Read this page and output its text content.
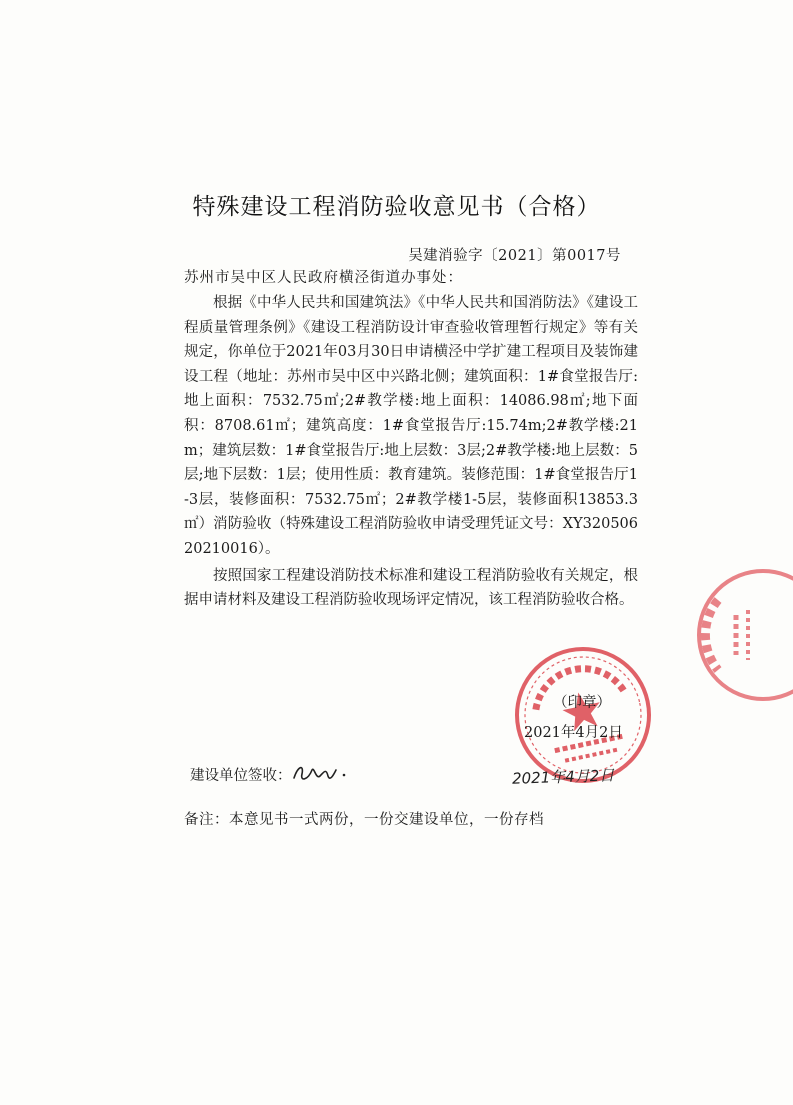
特殊建设工程消防验收意见书（合格）
吴建消验字〔2021〕第0017号
苏州市吴中区人民政府横泾街道办事处：

根据《中华人民共和国建筑法》《中华人民共和国消防法》《建设工程质量管理条例》《建设工程消防设计审查验收管理暂行规定》等有关规定，你单位于2021年03月30日申请横泾中学扩建工程项目及装饰建设工程（地址：苏州市吴中区中兴路北侧；建筑面积：1#食堂报告厅:地上面积：7532.75㎡;2#教学楼:地上面积：14086.98㎡;地下面积：8708.61㎡；建筑高度：1#食堂报告厅:15.74m;2#教学楼:21m；建筑层数：1#食堂报告厅:地上层数：3层;2#教学楼:地上层数：5层;地下层数：1层；使用性质：教育建筑。装修范围：1#食堂报告厅1-3层，装修面积：7532.75㎡；2#教学楼1-5层，装修面积13853.3㎡）消防验收（特殊建设工程消防验收申请受理凭证文号：XY32050620210016）。

按照国家工程建设消防技术标准和建设工程消防验收有关规定，根据申请材料及建设工程消防验收现场评定情况，该工程消防验收合格。

（印章）
2021年4月2日
建设单位签收：	2021年4月2日
备注：本意见书一式两份，一份交建设单位，一份存档
